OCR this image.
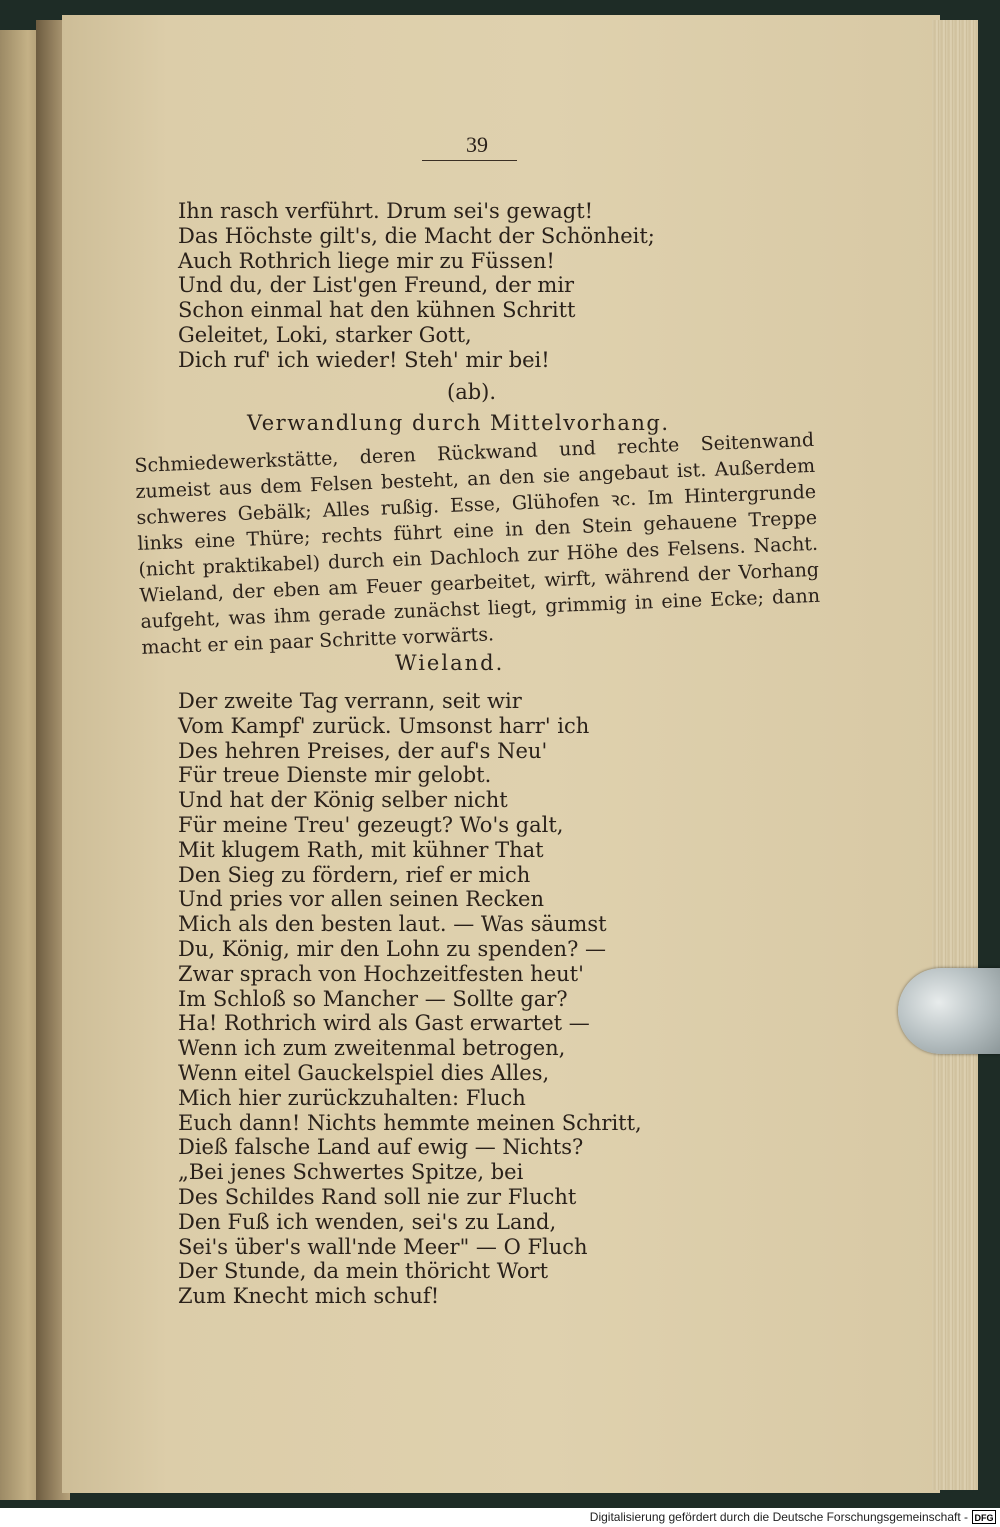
39
Ihn rasch verführt. Drum sei's gewagt!
Das Höchste gilt's, die Macht der Schönheit;
Auch Rothrich liege mir zu Füssen!
Und du, der List'gen Freund, der mir
Schon einmal hat den kühnen Schritt
Geleitet, Loki, starker Gott,
Dich ruf' ich wieder! Steh' mir bei!
(ab).
Verwandlung durch Mittelvorhang.

Schmiedewerkstätte, deren Rückwand und rechte Seitenwand zumeist aus dem Felsen besteht, an den sie angebaut ist. Außerdem schweres Gebälk; Alles rußig. Esse, Glühofen ꝛc. Im Hintergrunde links eine Thüre; rechts führt eine in den Stein gehauene Treppe (nicht praktikabel) durch ein Dachloch zur Höhe des Felsens. Nacht. Wieland, der eben am Feuer gearbeitet, wirft, während der Vorhang aufgeht, was ihm gerade zunächst liegt, grimmig in eine Ecke; dann macht er ein paar Schritte vorwärts.

Wieland.
Der zweite Tag verrann, seit wir
Vom Kampf' zurück. Umsonst harr' ich
Des hehren Preises, der auf's Neu'
Für treue Dienste mir gelobt.
Und hat der König selber nicht
Für meine Treu' gezeugt? Wo's galt,
Mit klugem Rath, mit kühner That
Den Sieg zu fördern, rief er mich
Und pries vor allen seinen Recken
Mich als den besten laut. — Was säumst
Du, König, mir den Lohn zu spenden? —
Zwar sprach von Hochzeitfesten heut'
Im Schloß so Mancher — Sollte gar?
Ha! Rothrich wird als Gast erwartet —
Wenn ich zum zweitenmal betrogen,
Wenn eitel Gauckelspiel dies Alles,
Mich hier zurückzuhalten: Fluch
Euch dann! Nichts hemmte meinen Schritt,
Dieß falsche Land auf ewig — Nichts?
„Bei jenes Schwertes Spitze, bei
Des Schildes Rand soll nie zur Flucht
Den Fuß ich wenden, sei's zu Land,
Sei's über's wall'nde Meer" — O Fluch
Der Stunde, da mein thöricht Wort
Zum Knecht mich schuf!
Digitalisierung gefördert durch die Deutsche Forschungsgemeinschaft - DFG
